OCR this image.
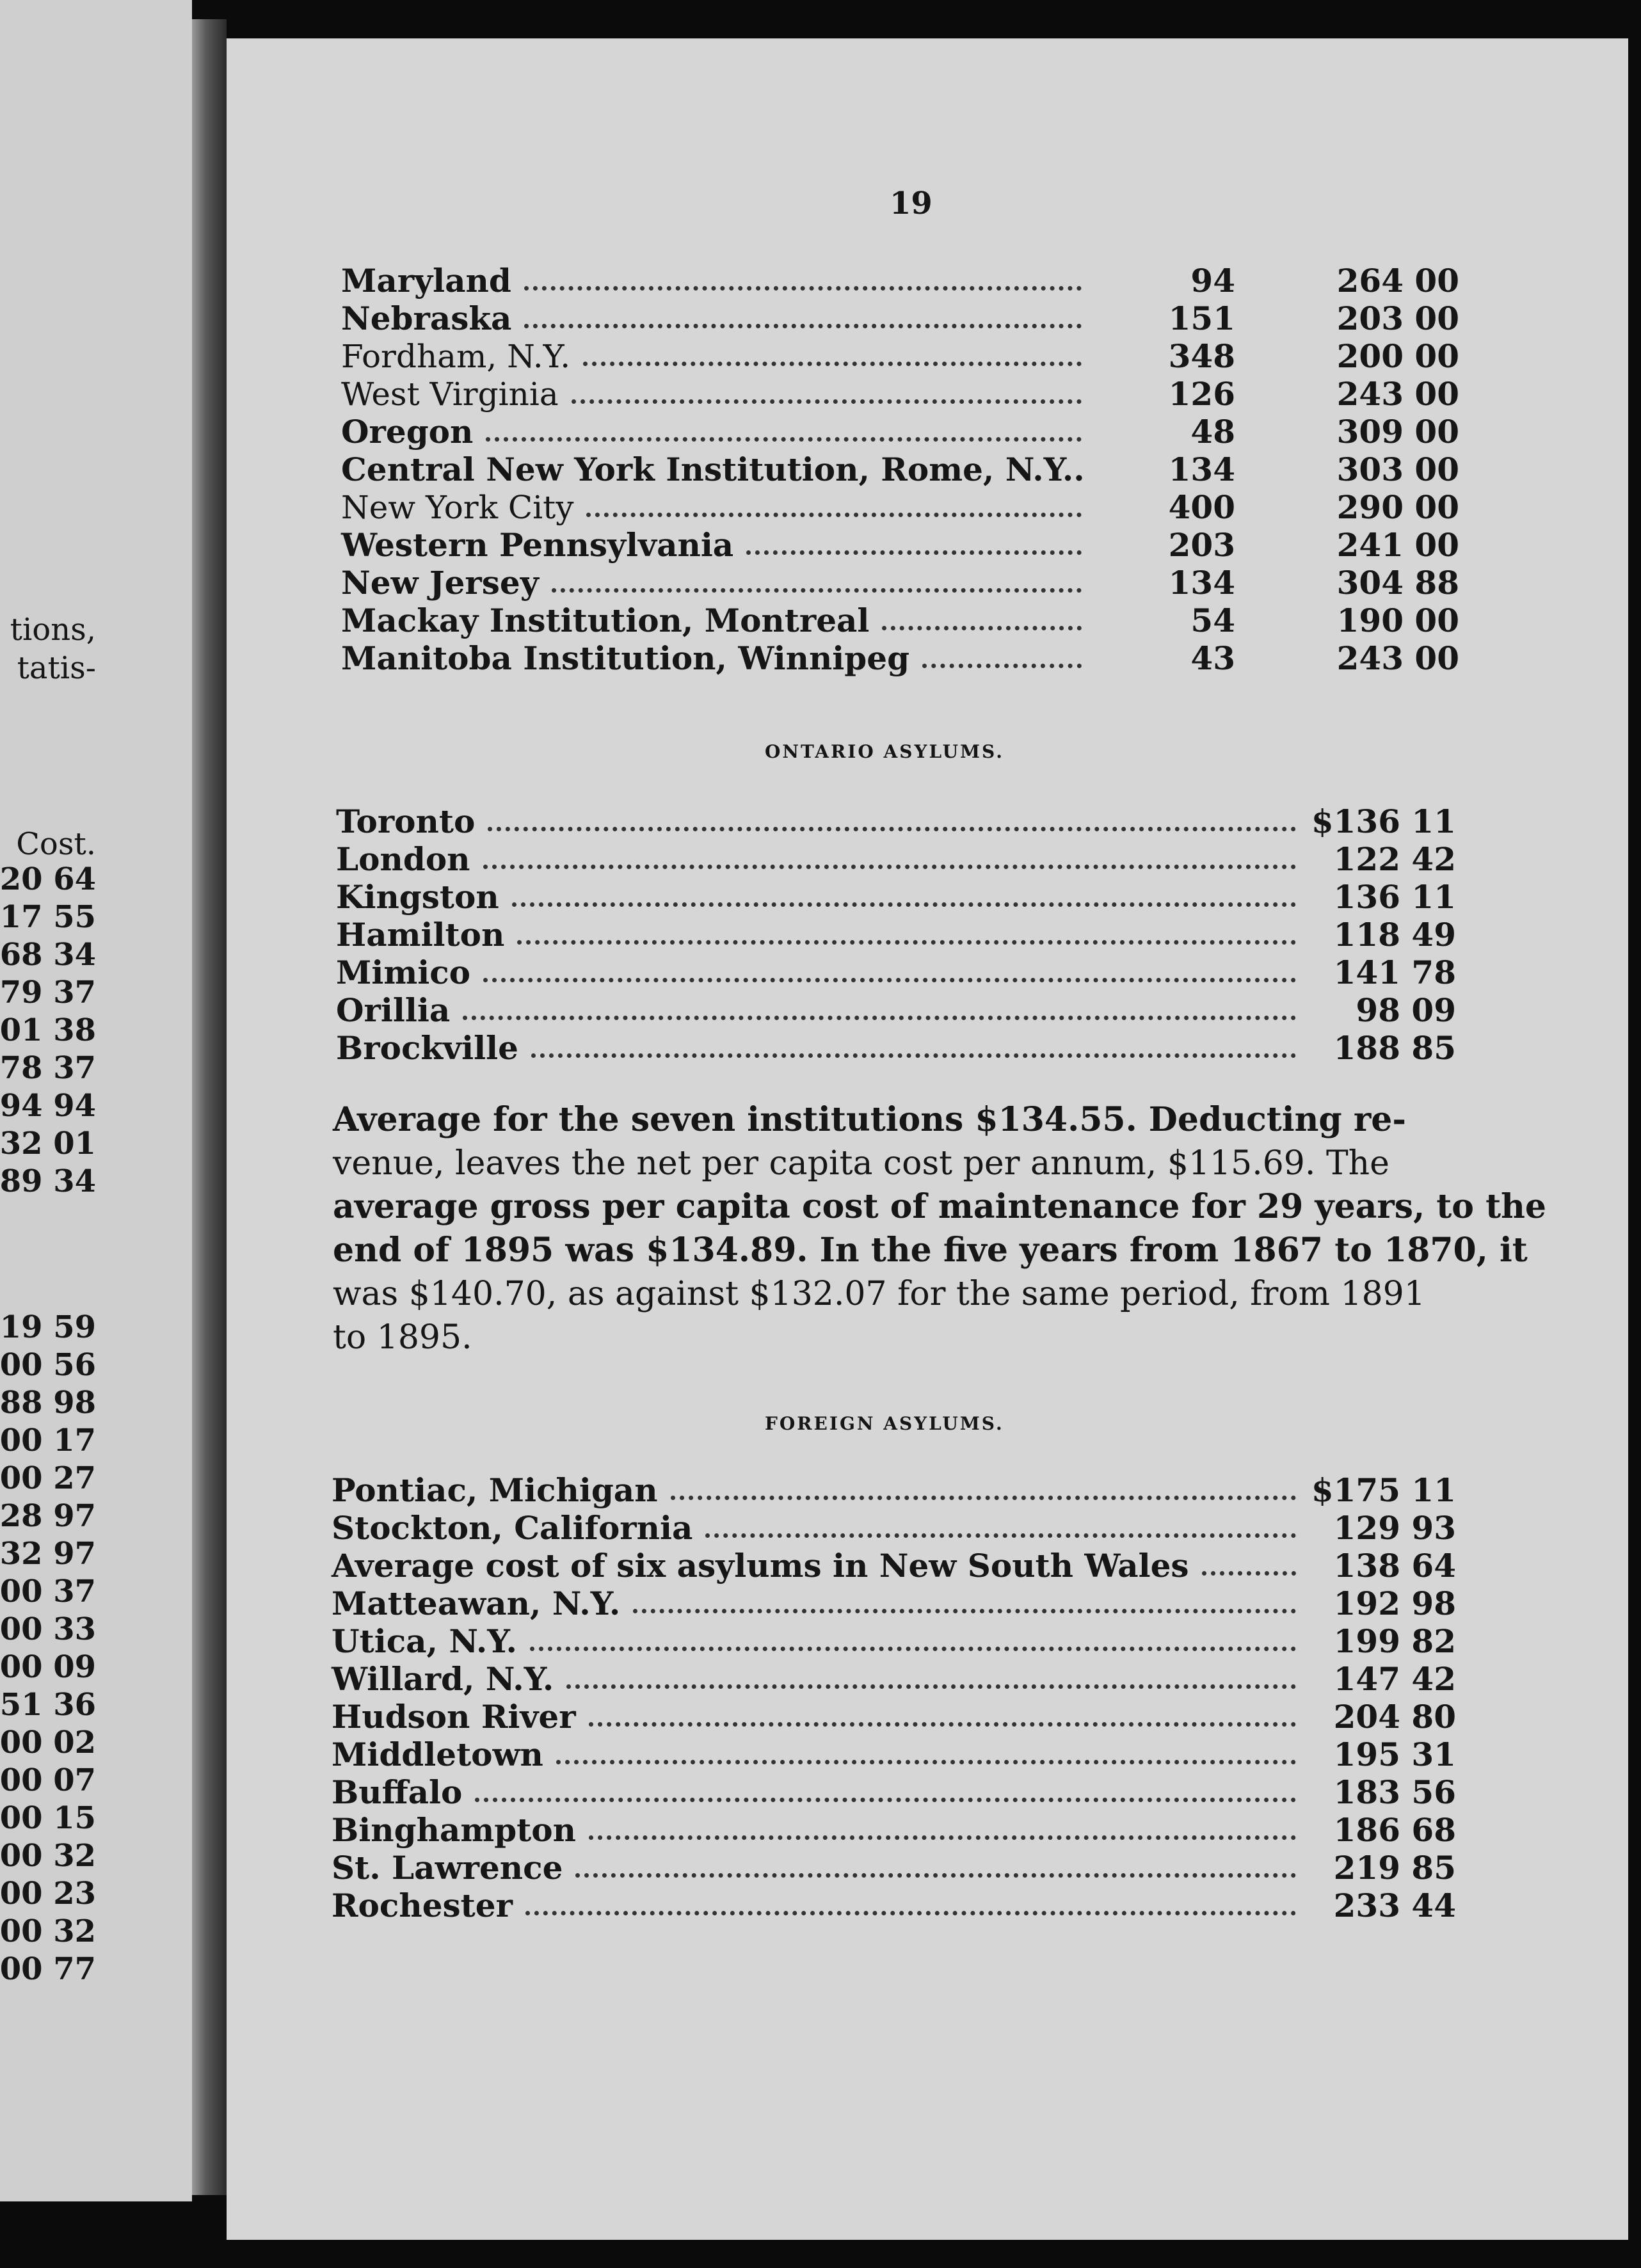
19
tions,
tatis-
Cost.
64 20
55 17
34 68
37 79
38 01
37 78
94 94
01 32
34 89
59 19
56 00
98 88
17 00
27 00
97 28
97 32
37 00
33 00
09 00
36 51
02 00
07 00
15 00
32 00
23 00
32 00
77 00
Maryland	94	264 00
Nebraska	151	203 00
Fordham, N.Y.	348	200 00
West Virginia	126	243 00
Oregon	48	309 00
Central New York Institution, Rome, N.Y..	134	303 00
New York City	400	290 00
Western Pennsylvania	203	241 00
New Jersey	134	304 88
Mackay Institution, Montreal	54	190 00
Manitoba Institution, Winnipeg	43	243 00
ONTARIO ASYLUMS.
Toronto	$136 11
London	122 42
Kingston	136 11
Hamilton	118 49
Mimico	141 78
Orillia	98 09
Brockville	188 85
Average for the seven institutions $134.55. Deducting re-
venue, leaves the net per capita cost per annum, $115.69. The
average gross per capita cost of maintenance for 29 years, to the
end of 1895 was $134.89. In the five years from 1867 to 1870, it
was $140.70, as against $132.07 for the same period, from 1891
to 1895.
FOREIGN ASYLUMS.
Pontiac, Michigan	$175 11
Stockton, California	129 93
Average cost of six asylums in New South Wales	138 64
Matteawan, N.Y.	192 98
Utica, N.Y.	199 82
Willard, N.Y.	147 42
Hudson River	204 80
Middletown	195 31
Buffalo	183 56
Binghampton	186 68
St. Lawrence	219 85
Rochester	233 44
